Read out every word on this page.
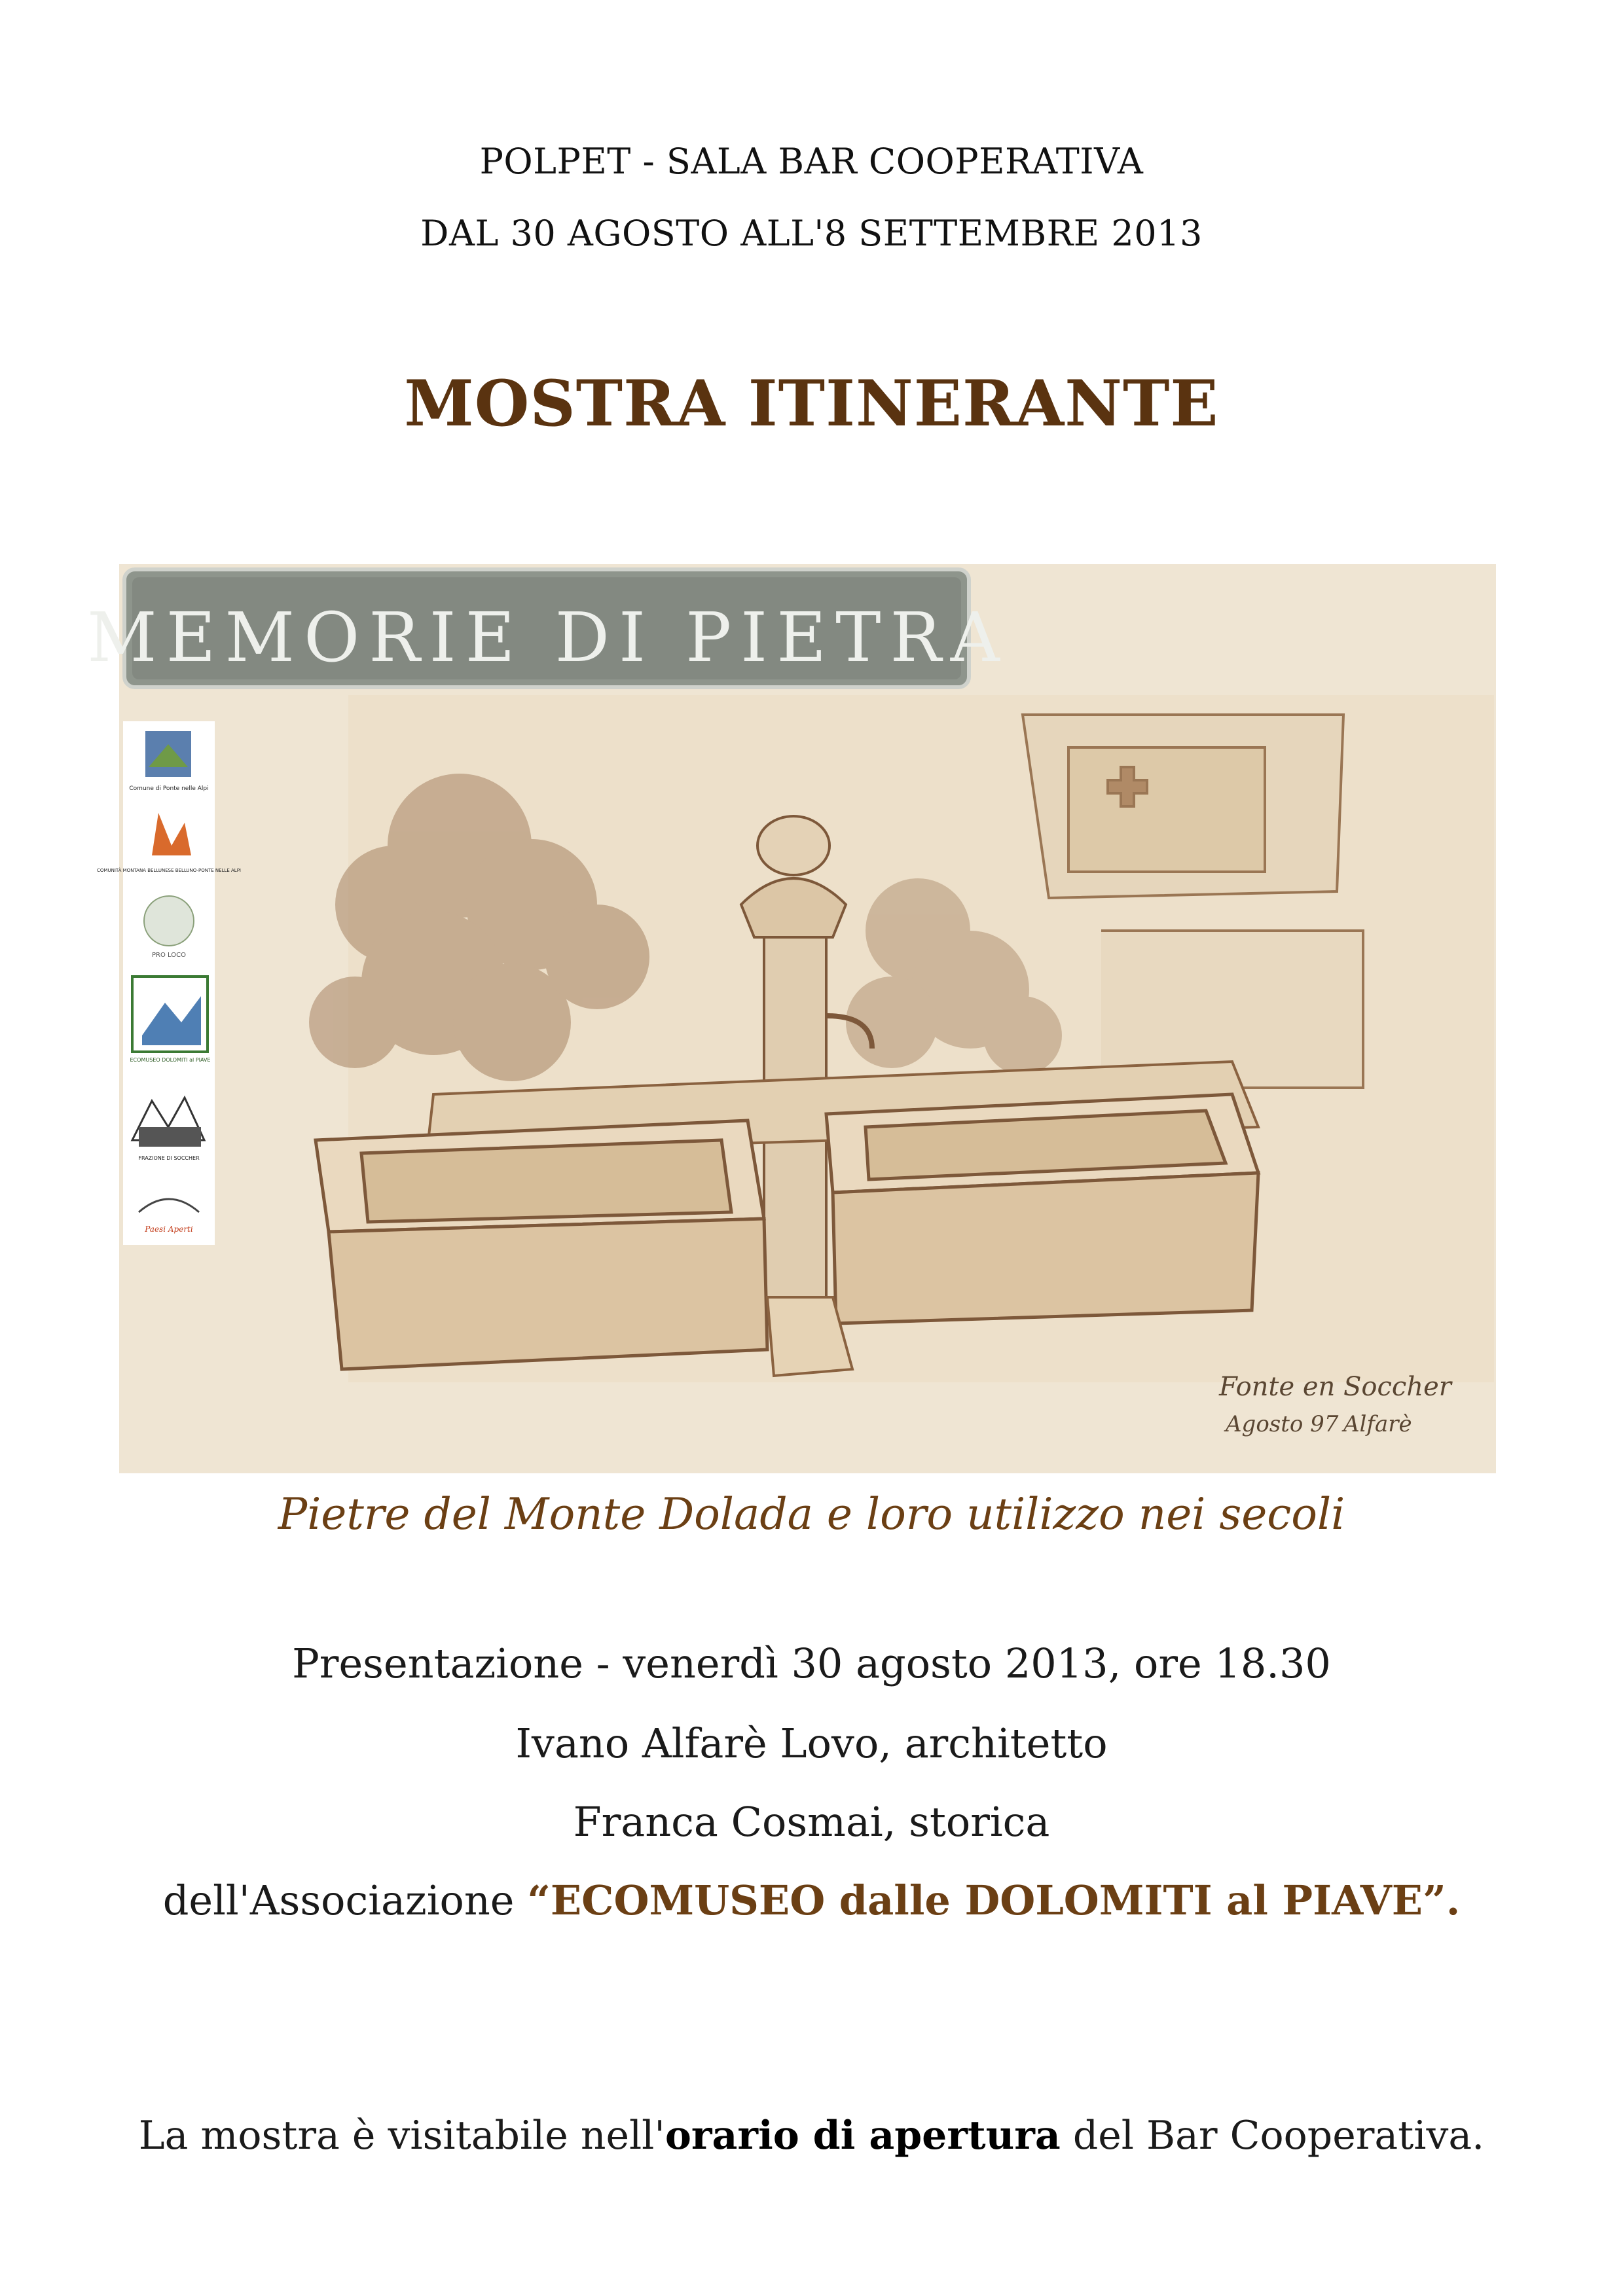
POLPET - SALA BAR COOPERATIVA
DAL 30 AGOSTO ALL'8 SETTEMBRE 2013
MOSTRA ITINERANTE
MEMORIE DI PIETRA
Comune di Ponte nelle Alpi
COMUNITÀ MONTANA BELLUNESE BELLUNO-PONTE NELLE ALPI
PRO LOCO
ECOMUSEO DOLOMITI al PIAVE
FRAZIONE DI SOCCHER
Paesi Aperti
Fonte en Soccher
Agosto 97 Alfarè
Pietre del Monte Dolada e loro utilizzo nei secoli
Presentazione - venerdì 30 agosto 2013, ore 18.30
Ivano Alfarè Lovo, architetto
Franca Cosmai, storica
dell'Associazione “ECOMUSEO dalle DOLOMITI al PIAVE”.
La mostra è visitabile nell'orario di apertura del Bar Cooperativa.
